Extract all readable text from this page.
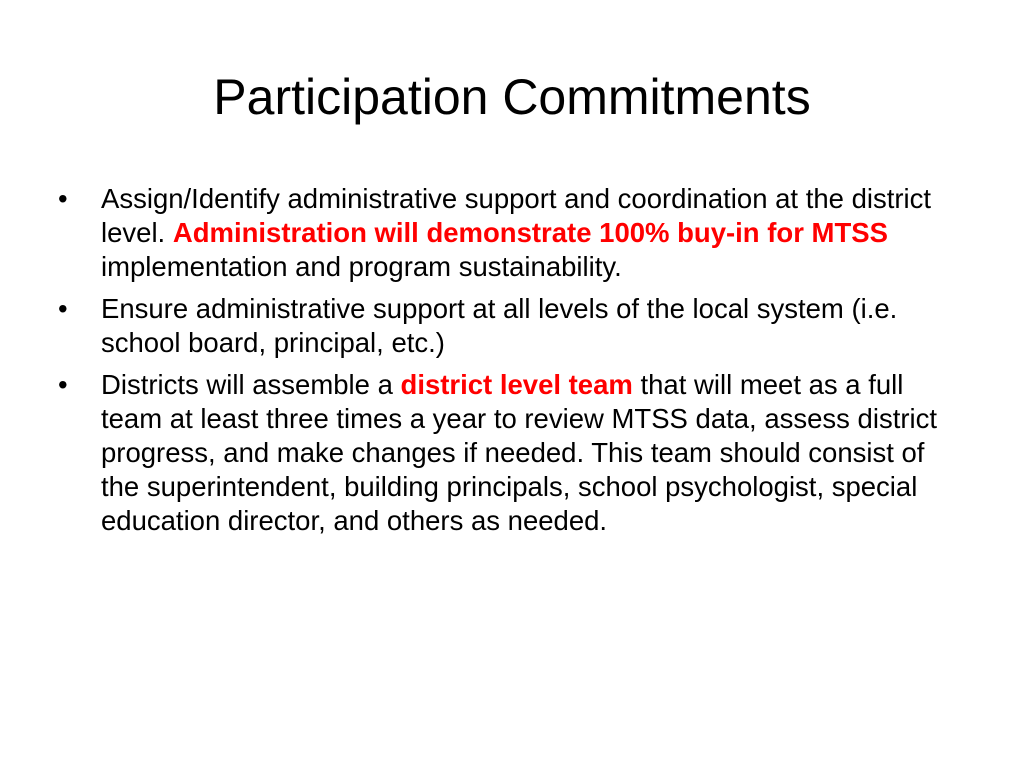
Participation Commitments
•	Assign/Identify administrative support and coordination at the district level. Administration will demonstrate 100% buy-in for MTSS implementation and program sustainability.
•	Ensure administrative support at all levels of the local system (i.e. school board, principal, etc.)
•	Districts will assemble a district level team that will meet as a full team at least three times a year to review MTSS data, assess district progress, and make changes if needed. This team should consist of the superintendent, building principals, school psychologist, special education director, and others as needed.
